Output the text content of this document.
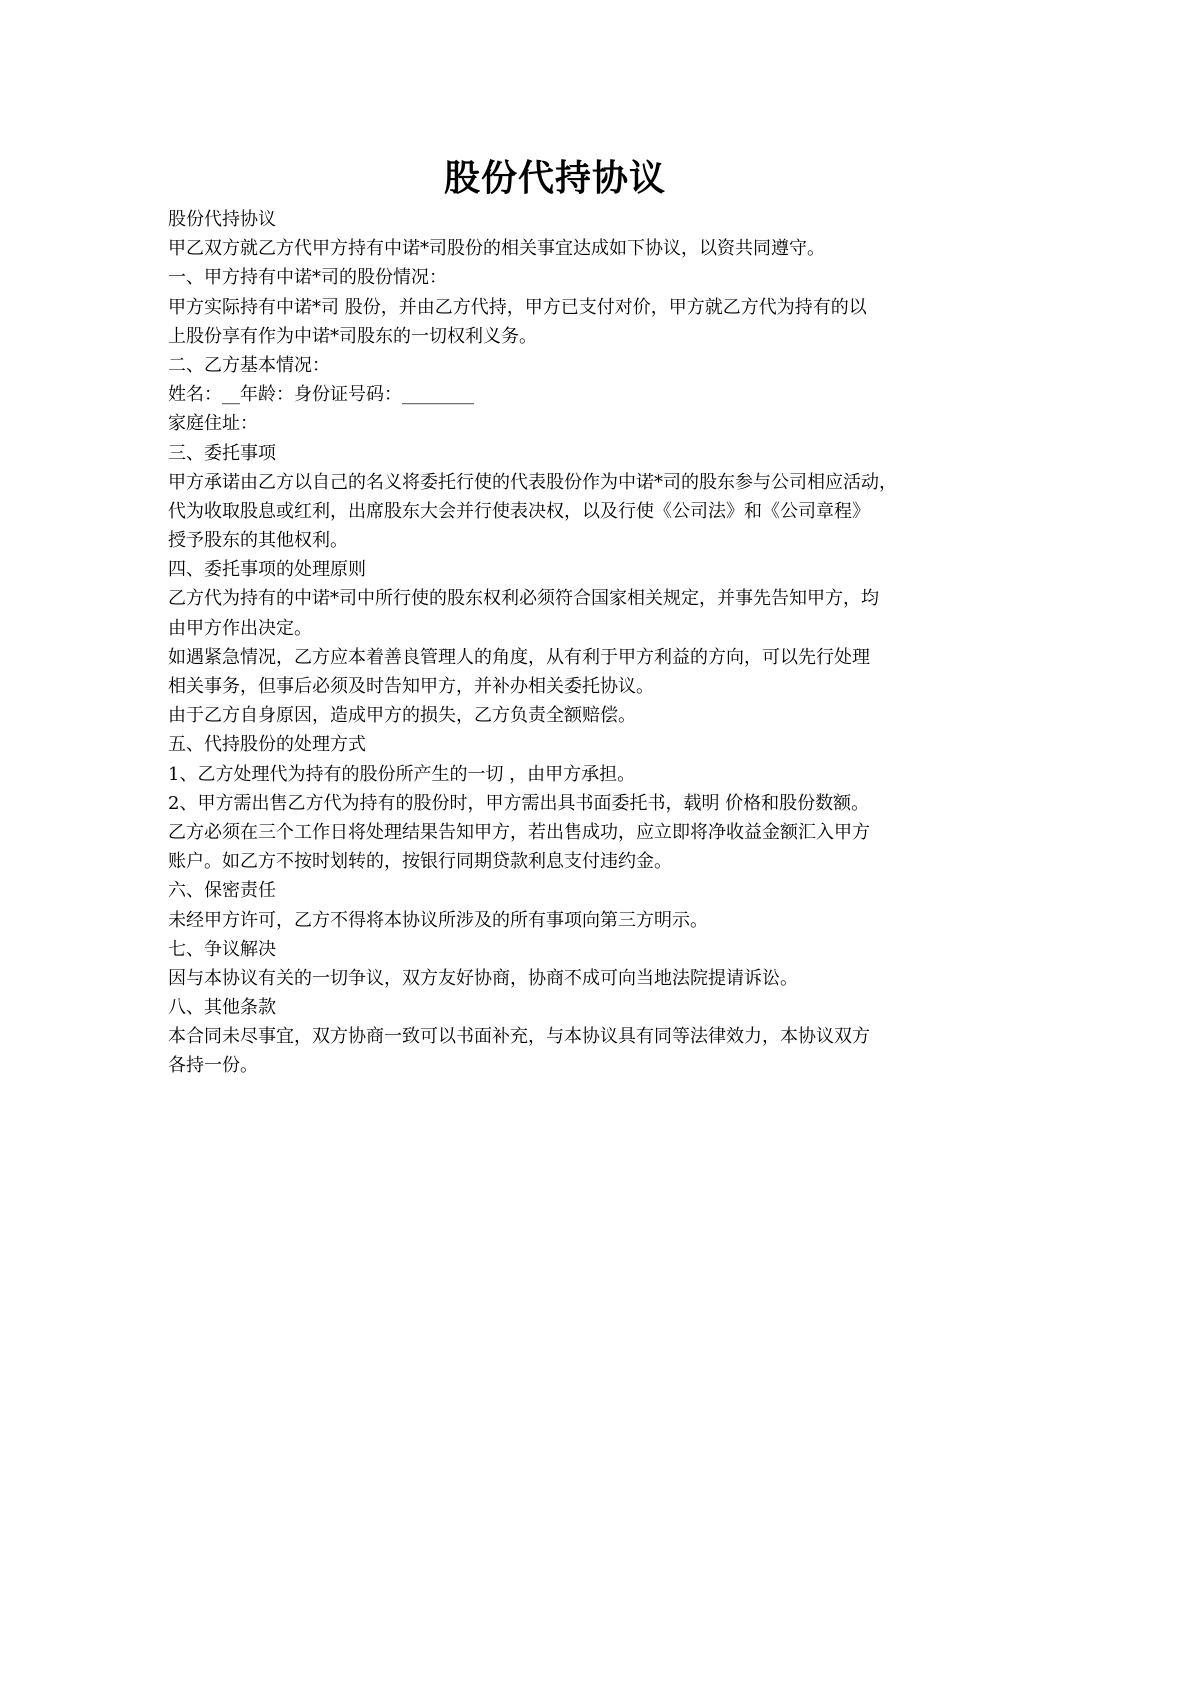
股份代持协议
股份代持协议
甲乙双方就乙方代甲方持有中诺*司股份的相关事宜达成如下协议，以资共同遵守。
一、甲方持有中诺*司的股份情况：
甲方实际持有中诺*司 股份，并由乙方代持，甲方已支付对价，甲方就乙方代为持有的以
上股份享有作为中诺*司股东的一切权利义务。
二、乙方基本情况：
姓名：__年龄：身份证号码：________
家庭住址：
三、委托事项
甲方承诺由乙方以自己的名义将委托行使的代表股份作为中诺*司的股东参与公司相应活动，
代为收取股息或红利，出席股东大会并行使表决权，以及行使《公司法》和《公司章程》
授予股东的其他权利。
四、委托事项的处理原则
乙方代为持有的中诺*司中所行使的股东权利必须符合国家相关规定，并事先告知甲方，均
由甲方作出决定。
如遇紧急情况，乙方应本着善良管理人的角度，从有利于甲方利益的方向，可以先行处理
相关事务，但事后必须及时告知甲方，并补办相关委托协议。
由于乙方自身原因，造成甲方的损失，乙方负责全额赔偿。
五、代持股份的处理方式
1、乙方处理代为持有的股份所产生的一切 ，由甲方承担。
2、甲方需出售乙方代为持有的股份时，甲方需出具书面委托书，载明 价格和股份数额。
乙方必须在三个工作日将处理结果告知甲方，若出售成功，应立即将净收益金额汇入甲方
账户。如乙方不按时划转的，按银行同期贷款利息支付违约金。
六、保密责任
未经甲方许可，乙方不得将本协议所涉及的所有事项向第三方明示。
七、争议解决
因与本协议有关的一切争议，双方友好协商，协商不成可向当地法院提请诉讼。
八、其他条款
本合同未尽事宜，双方协商一致可以书面补充，与本协议具有同等法律效力，本协议双方
各持一份。
